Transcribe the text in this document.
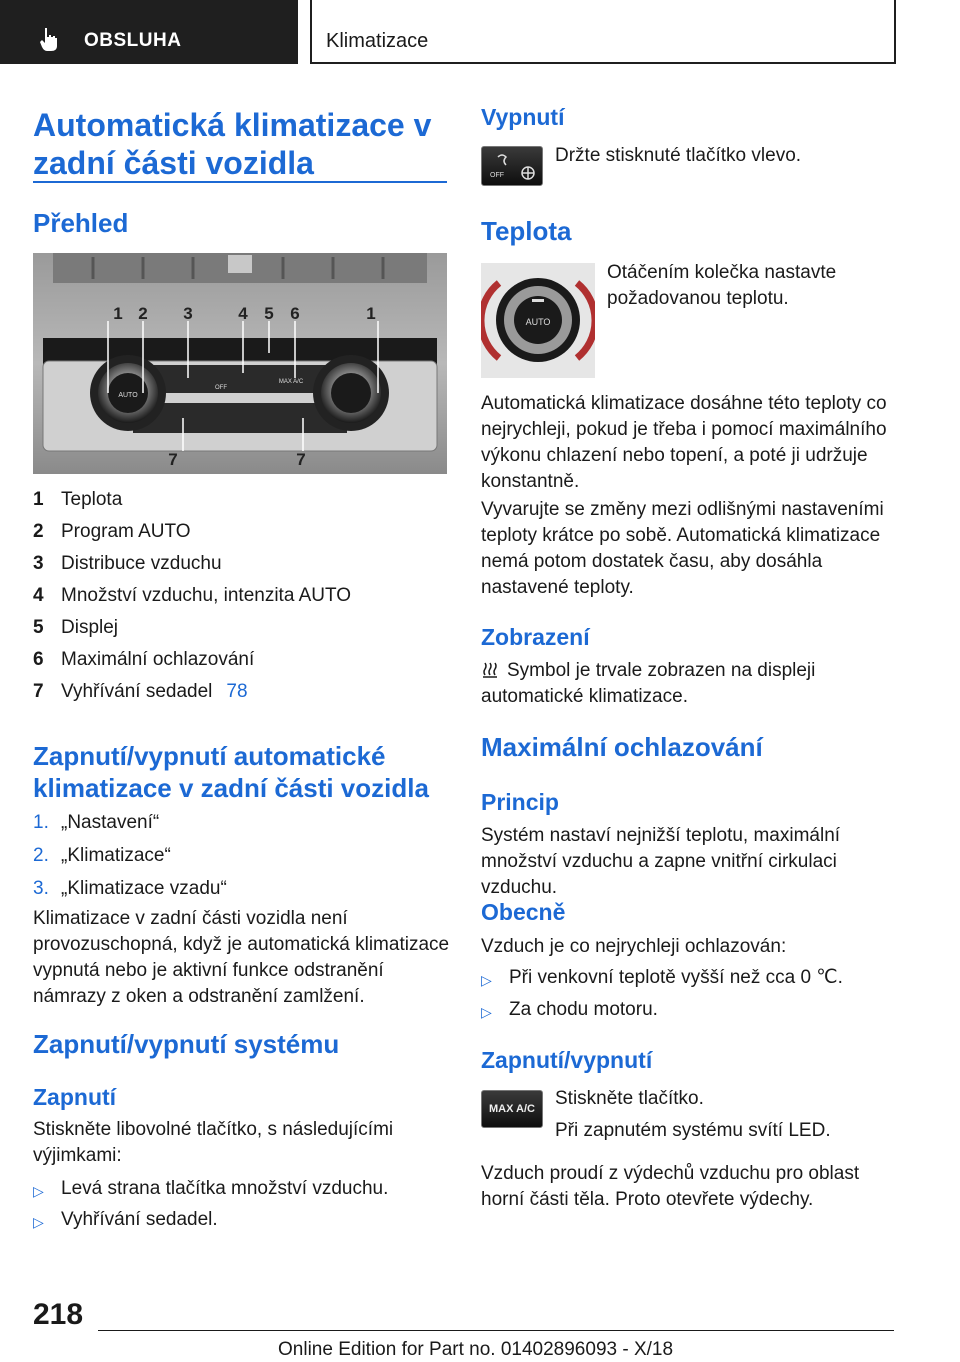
OBSLUHA	Klimatizace
Automatická klimatizace v zadní části vozidla
Přehled
AUTO
OFF
MAX A/C
1 2 3	4 5 6	1
7	7
1 Teplota
2 Program AUTO
3 Distribuce vzduchu
4 Množství vzduchu, intenzita AUTO
5 Displej
6 Maximální ochlazování
7 Vyhřívání sedadel 78
Zapnutí/vypnutí automatické klimatizace v zadní části vozidla
1. „Nastavení“
2. „Klimatizace“
3. „Klimatizace vzadu“
Klimatizace v zadní části vozidla není provozuschopná, když je automatická klimatizace vypnutá nebo je aktivní funkce odstranění námrazy z oken a odstranění zamlžení.
Zapnutí/vypnutí systému
Zapnutí
Stiskněte libovolné tlačítko, s následujícími výjimkami:
▷ Levá strana tlačítka množství vzduchu.
▷ Vyhřívání sedadel.
Vypnutí
OFF
Držte stisknuté tlačítko vlevo.
Teplota
AUTO
Otáčením kolečka nastavte požadovanou teplotu.
Automatická klimatizace dosáhne této teploty co nejrychleji, pokud je třeba i pomocí maximálního výkonu chlazení nebo topení, a poté ji udržuje konstantně.
Vyvarujte se změny mezi odlišnými nastaveními teploty krátce po sobě. Automatická klimatizace nemá potom dostatek času, aby dosáhla nastavené teploty.
Zobrazení
Symbol je trvale zobrazen na displeji automatické klimatizace.
Maximální ochlazování
Princip
Systém nastaví nejnižší teplotu, maximální množství vzduchu a zapne vnitřní cirkulaci vzduchu.
Obecně
Vzduch je co nejrychleji ochlazován:
▷ Při venkovní teplotě vyšší než cca 0 ℃.
▷ Za chodu motoru.
Zapnutí/vypnutí
MAX A/C Stiskněte tlačítko.
Při zapnutém systému svítí LED.
Vzduch proudí z výdechů vzduchu pro oblast horní části těla. Proto otevřete výdechy.
218
Online Edition for Part no. 01402896093 - X/18
